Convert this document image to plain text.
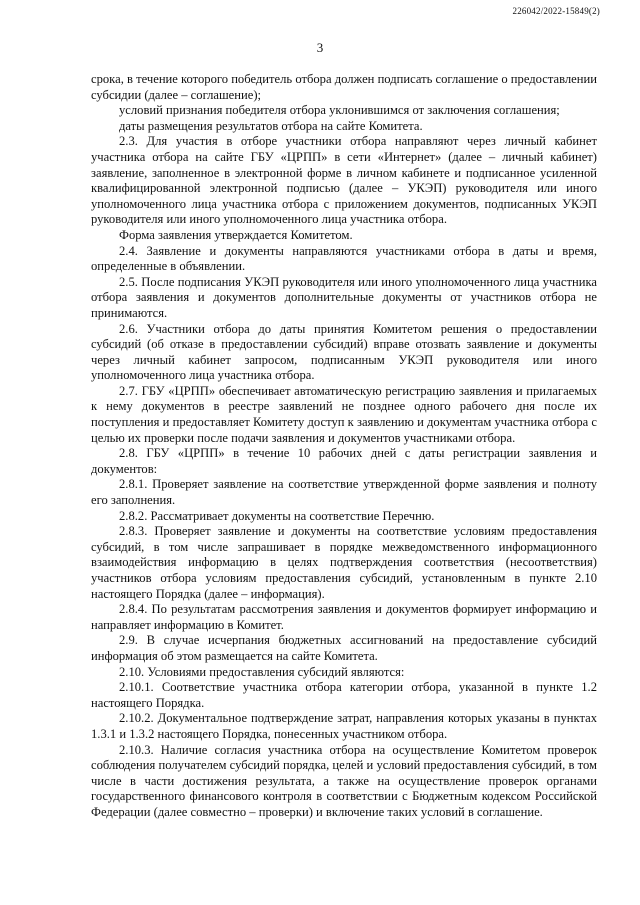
226042/2022-15849(2)
3

срока, в течение которого победитель отбора должен подписать соглашение о предоставлении субсидии (далее – соглашение);

условий признания победителя отбора уклонившимся от заключения соглашения;

даты размещения результатов отбора на сайте Комитета.

2.3. Для участия в отборе участники отбора направляют через личный кабинет участника отбора на сайте ГБУ «ЦРПП» в сети «Интернет» (далее – личный кабинет) заявление, заполненное в электронной форме в личном кабинете и подписанное усиленной квалифицированной электронной подписью (далее – УКЭП) руководителя или иного уполномоченного лица участника отбора с приложением документов, подписанных УКЭП руководителя или иного уполномоченного лица участника отбора.

Форма заявления утверждается Комитетом.

2.4. Заявление и документы направляются участниками отбора в даты и время, определенные в объявлении.

2.5. После подписания УКЭП руководителя или иного уполномоченного лица участника отбора заявления и документов дополнительные документы от участников отбора не принимаются.

2.6. Участники отбора до даты принятия Комитетом решения о предоставлении субсидий (об отказе в предоставлении субсидий) вправе отозвать заявление и документы через личный кабинет запросом, подписанным УКЭП руководителя или иного уполномоченного лица участника отбора.

2.7. ГБУ «ЦРПП» обеспечивает автоматическую регистрацию заявления и прилагаемых к нему документов в реестре заявлений не позднее одного рабочего дня после их поступления и предоставляет Комитету доступ к заявлению и документам участника отбора с целью их проверки после подачи заявления и документов участниками отбора.

2.8. ГБУ «ЦРПП» в течение 10 рабочих дней с даты регистрации заявления и документов:

2.8.1. Проверяет заявление на соответствие утвержденной форме заявления и полноту его заполнения.

2.8.2. Рассматривает документы на соответствие Перечню.

2.8.3. Проверяет заявление и документы на соответствие условиям предоставления субсидий, в том числе запрашивает в порядке межведомственного информационного взаимодействия информацию в целях подтверждения соответствия (несоответствия) участников отбора условиям предоставления субсидий, установленным в пункте 2.10 настоящего Порядка (далее – информация).

2.8.4. По результатам рассмотрения заявления и документов формирует информацию и направляет информацию в Комитет.

2.9. В случае исчерпания бюджетных ассигнований на предоставление субсидий информация об этом размещается на сайте Комитета.

2.10. Условиями предоставления субсидий являются:

2.10.1. Соответствие участника отбора категории отбора, указанной в пункте 1.2 настоящего Порядка.

2.10.2. Документальное подтверждение затрат, направления которых указаны в пунктах 1.3.1 и 1.3.2 настоящего Порядка, понесенных участником отбора.

2.10.3. Наличие согласия участника отбора на осуществление Комитетом проверок соблюдения получателем субсидий порядка, целей и условий предоставления субсидий, в том числе в части достижения результата, а также на осуществление проверок органами государственного финансового контроля в соответствии с Бюджетным кодексом Российской Федерации (далее совместно – проверки) и включение таких условий в соглашение.
